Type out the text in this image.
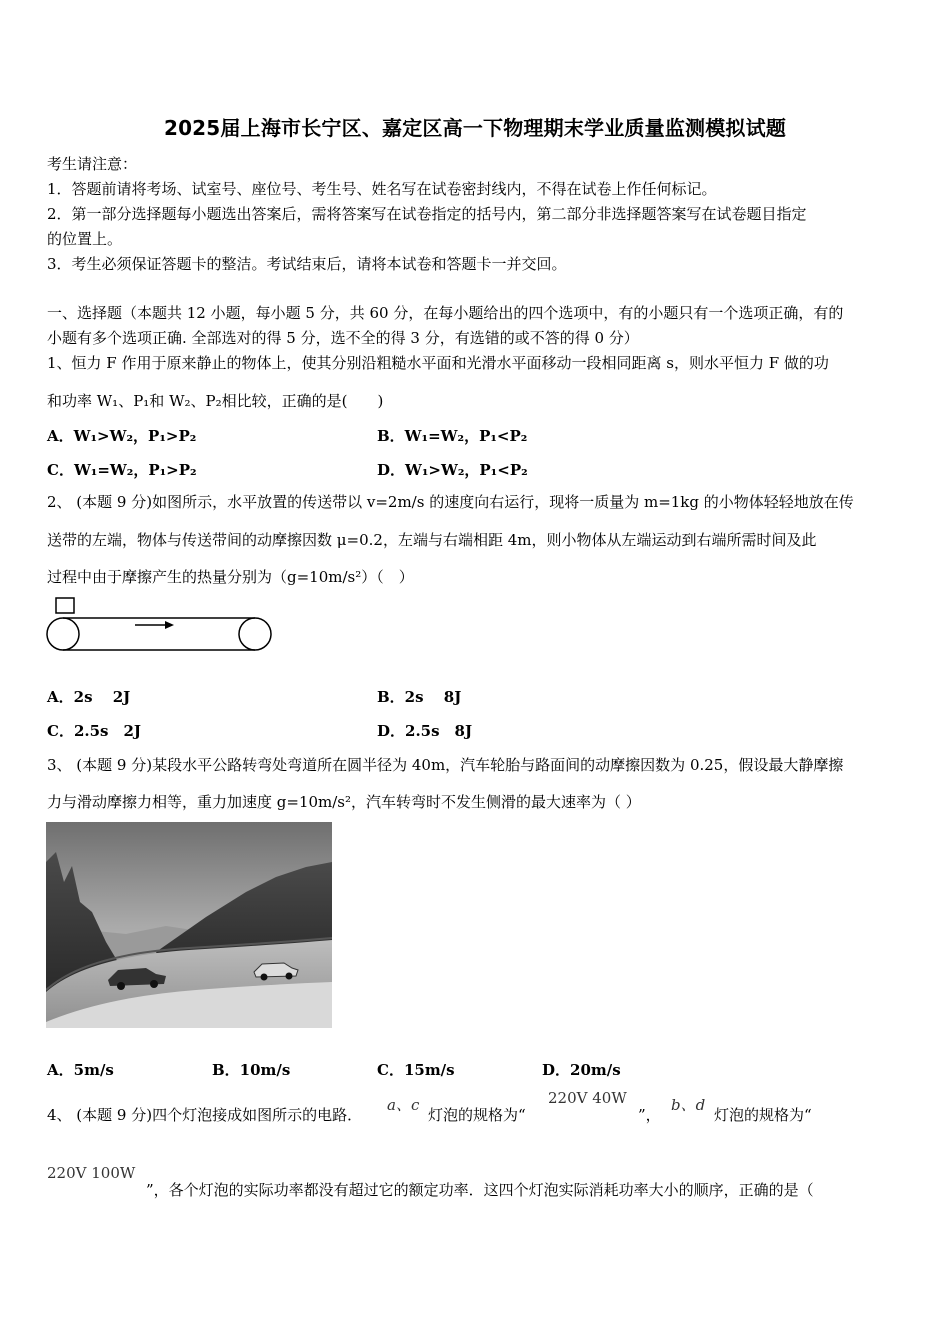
2025届上海市长宁区、嘉定区高一下物理期末学业质量监测模拟试题
考生请注意：
1．答题前请将考场、试室号、座位号、考生号、姓名写在试卷密封线内，不得在试卷上作任何标记。
2．第一部分选择题每小题选出答案后，需将答案写在试卷指定的括号内，第二部分非选择题答案写在试卷题目指定
的位置上。
3．考生必须保证答题卡的整洁。考试结束后，请将本试卷和答题卡一并交回。
一、选择题（本题共 12 小题，每小题 5 分，共 60 分，在每小题给出的四个选项中，有的小题只有一个选项正确，有的
小题有多个选项正确. 全部选对的得 5 分，选不全的得 3 分，有选错的或不答的得 0 分）
1、恒力 F 作用于原来静止的物体上，使其分别沿粗糙水平面和光滑水平面移动一段相同距离 s，则水平恒力 F 做的功
和功率 W₁、P₁和 W₂、P₂相比较，正确的是(　　)
A．W₁>W₂，P₁>P₂	B．W₁=W₂，P₁<P₂
C．W₁=W₂，P₁>P₂	D．W₁>W₂，P₁<P₂
2、 (本题 9 分)如图所示，水平放置的传送带以 v=2m/s 的速度向右运行，现将一质量为 m=1kg 的小物体轻轻地放在传
送带的左端，物体与传送带间的动摩擦因数 μ=0.2，左端与右端相距 4m，则小物体从左端运动到右端所需时间及此
过程中由于摩擦产生的热量分别为（g=10m/s²）（　）
A．2s　 2J	B．2s　 8J
C．2.5s　2J	D．2.5s　8J
3、 (本题 9 分)某段水平公路转弯处弯道所在圆半径为 40m，汽车轮胎与路面间的动摩擦因数为 0.25，假设最大静摩擦
力与滑动摩擦力相等，重力加速度 g=10m/s²，汽车转弯时不发生侧滑的最大速率为（ ）
A．5m/s	B．10m/s	C．15m/s	D．20m/s
4、 (本题 9 分)四个灯泡接成如图所示的电路．
a、c
灯泡的规格为“
220V 40W
”，
b、d
灯泡的规格为“
220V 100W
”，各个灯泡的实际功率都没有超过它的额定功率．这四个灯泡实际消耗功率大小的顺序，正确的是（
